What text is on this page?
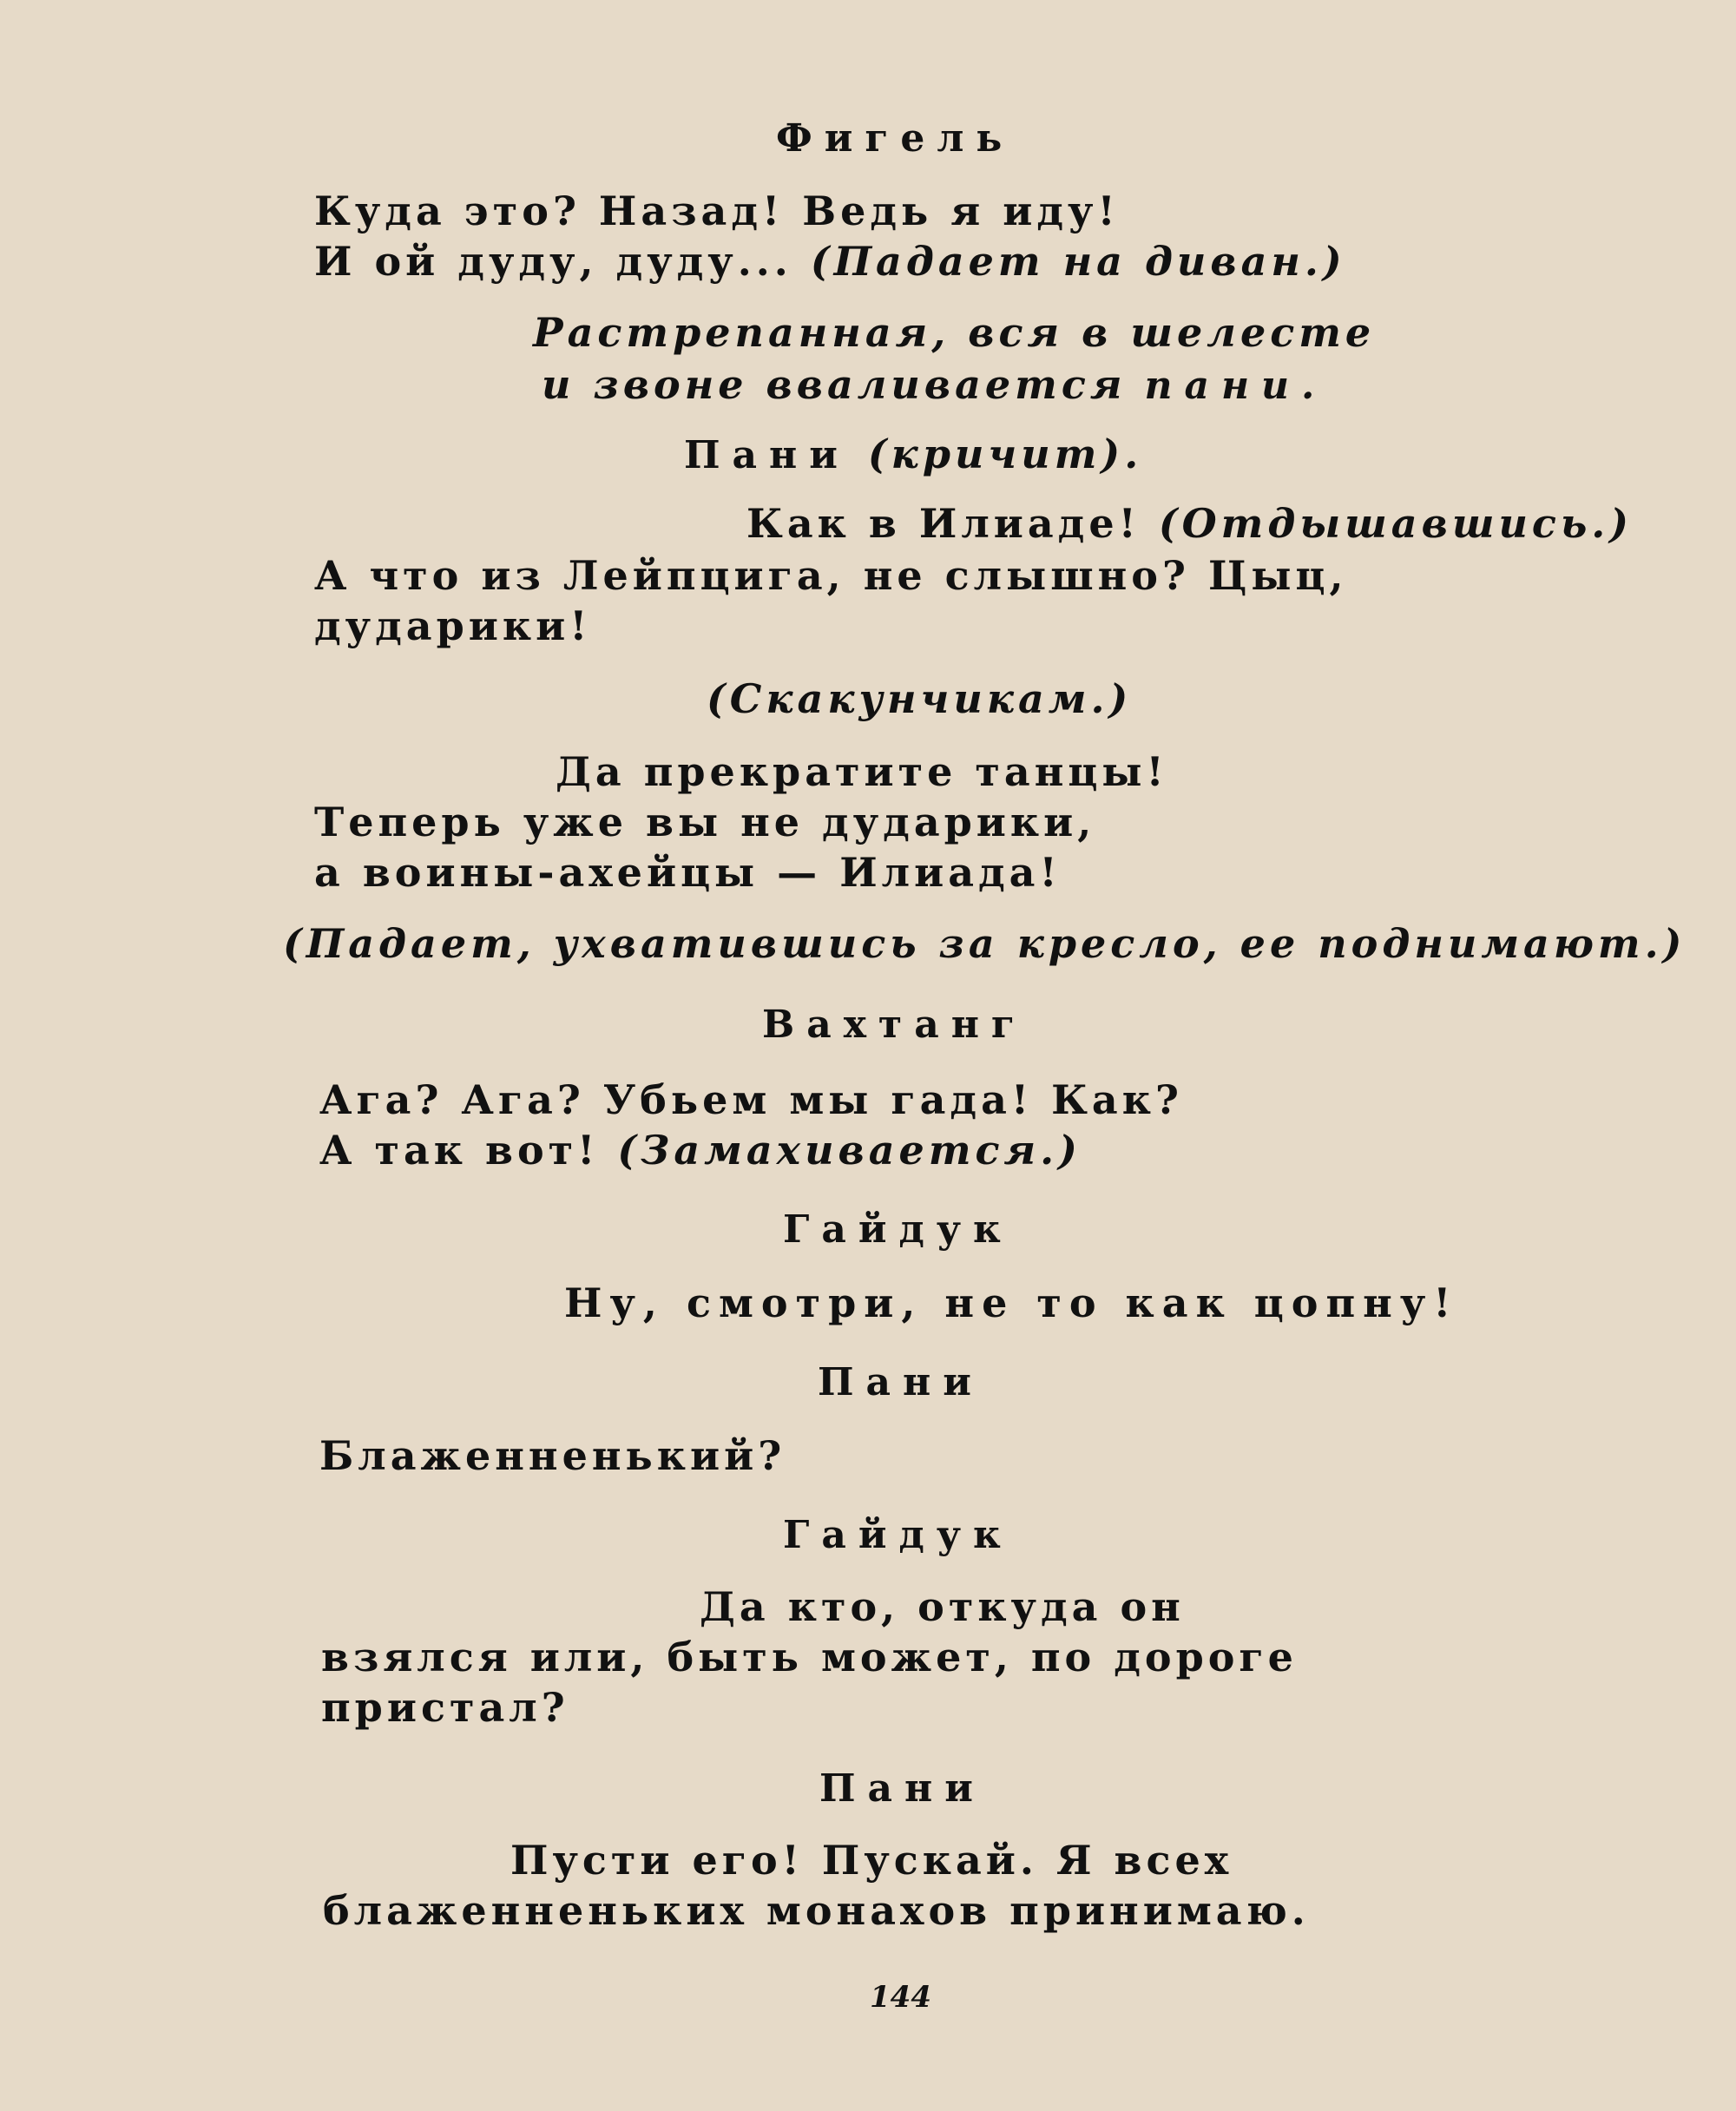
Фигель

Куда это? Назад! Ведь я иду!

И ой дуду, дуду... (Падает на диван.)

Растрепанная, вся в шелесте

и звоне вваливается пани.

Пани (кричит).

Как в Илиаде! (Отдышавшись.)

А что из Лейпцига, не слышно? Цыц,

дударики!

(Скакунчикам.)

Да прекратите танцы!

Теперь уже вы не дударики,

а воины-ахейцы — Илиада!

(Падает, ухватившись за кресло, ее поднимают.)

Вахтанг

Ага? Ага? Убьем мы гада! Как?

А так вот! (Замахивается.)

Гайдук

Ну, смотри, не то как цопну!

Пани

Блаженненький?

Гайдук

Да кто, откуда он

взялся или, быть может, по дороге

пристал?

Пани

Пусти его! Пускай. Я всех

блаженненьких монахов принимаю.

144
